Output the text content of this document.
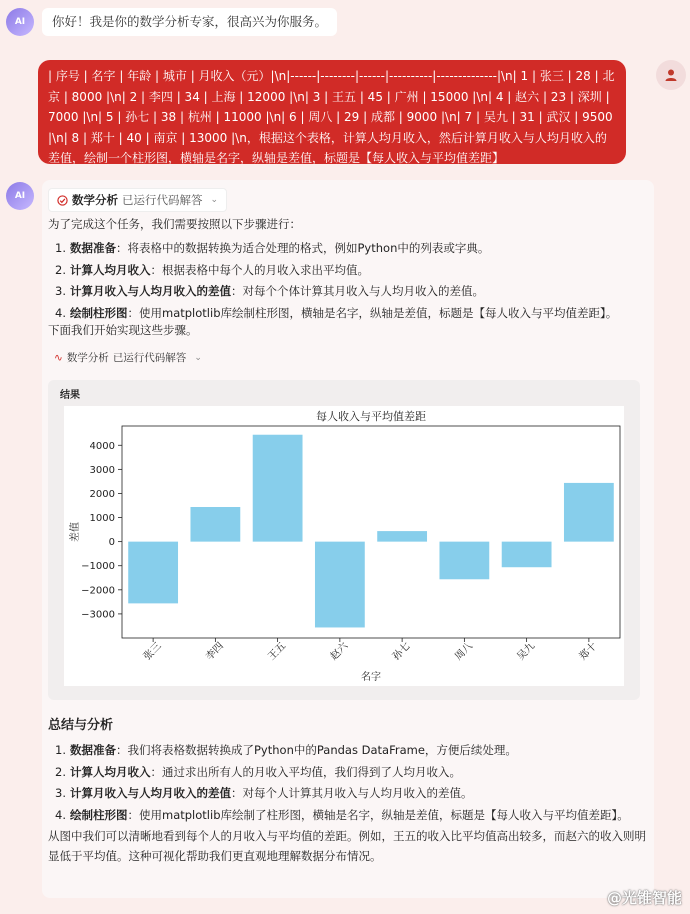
AI	你好！我是你的数学分析专家，很高兴为你服务。
| 序号 | 名字 | 年龄 | 城市 | 月收入（元）|\n|------|--------|------|----------|--------------|\n| 1 | 张三 | 28 | 北京 | 8000 |\n| 2 | 李四 | 34 | 上海 | 12000 |\n| 3 | 王五 | 45 | 广州 | 15000 |\n| 4 | 赵六 | 23 | 深圳 | 7000 |\n| 5 | 孙七 | 38 | 杭州 | 11000 |\n| 6 | 周八 | 29 | 成都 | 9000 |\n| 7 | 吴九 | 31 | 武汉 | 9500 |\n| 8 | 郑十 | 40 | 南京 | 13000 |\n，根据这个表格，计算人均月收入，然后计算月收入与人均月收入的差值，绘制一个柱形图，横轴是名字，纵轴是差值，标题是【每人收入与平均值差距】
AI	数学分析 已运行代码解答 ⌄
为了完成这个任务，我们需要按照以下步骤进行：
1. 数据准备：将表格中的数据转换为适合处理的格式，例如Python中的列表或字典。
2. 计算人均月收入：根据表格中每个人的月收入求出平均值。
3. 计算月收入与人均月收入的差值：对每个个体计算其月收入与人均月收入的差值。
4. 绘制柱形图：使用matplotlib库绘制柱形图，横轴是名字，纵轴是差值，标题是【每人收入与平均值差距】。
下面我们开始实现这些步骤。
∿ 数学分析 已运行代码解答 ⌄
结果
每人收入与平均值差距
−3000
−2000
−1000
0
1000
2000
3000
4000
张三	李四	王五	赵六	孙七	周八	吴九	郑十
名字
差值
总结与分析
1. 数据准备：我们将表格数据转换成了Python中的Pandas DataFrame，方便后续处理。
2. 计算人均月收入：通过求出所有人的月收入平均值，我们得到了人均月收入。
3. 计算月收入与人均月收入的差值：对每个人计算其月收入与人均月收入的差值。
4. 绘制柱形图：使用matplotlib库绘制了柱形图，横轴是名字，纵轴是差值，标题是【每人收入与平均值差距】。
从图中我们可以清晰地看到每个人的月收入与平均值的差距。例如，王五的收入比平均值高出较多，而赵六的收入则明
显低于平均值。这种可视化帮助我们更直观地理解数据分布情况。
@光锥智能
